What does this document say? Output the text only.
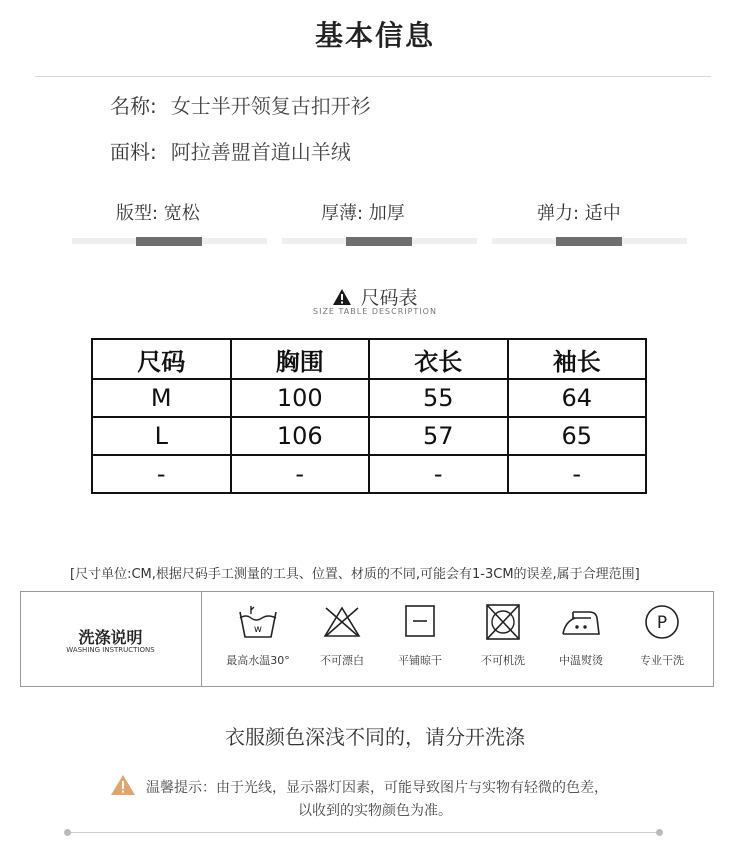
基本信息
名称: 女士半开领复古扣开衫
面料: 阿拉善盟首道山羊绒
版型: 宽松	厚薄: 加厚	弹力: 适中
尺码表
SIZE TABLE DESCRIPTION
尺码	胸围	衣长	袖长
M	100	55	64
L	106	57	65
-	-	-	-
[尺寸单位:CM,根据尺码手工测量的工具、位置、材质的不同,可能会有1-3CM的误差,属于合理范围]
洗涤说明
WASHING INSTRUCTIONS
w
最高水温30°	不可漂白	平铺晾干	不可机洗	中温熨烫
P
专业干洗
衣服颜色深浅不同的，请分开洗涤
温馨提示：由于光线，显示器灯因素，可能导致图片与实物有轻微的色差，
以收到的实物颜色为准。
